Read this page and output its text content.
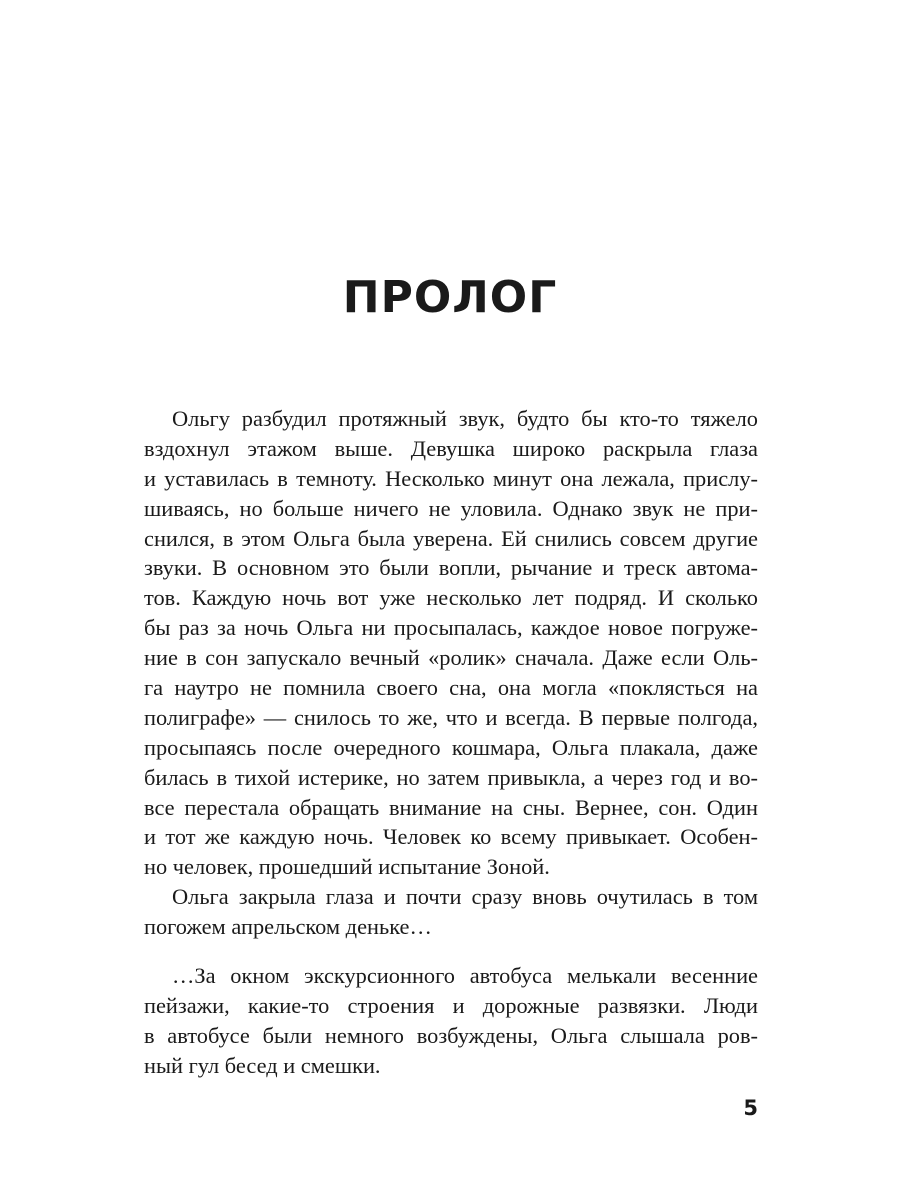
ПРОЛОГ
Ольгу разбудил протяжный звук, будто бы кто-то тяжело
вздохнул этажом выше. Девушка широко раскрыла глаза
и уставилась в темноту. Несколько минут она лежала, прислу-
шиваясь, но больше ничего не уловила. Однако звук не при-
снился, в этом Ольга была уверена. Ей снились совсем другие
звуки. В основном это были вопли, рычание и треск автома-
тов. Каждую ночь вот уже несколько лет подряд. И сколько
бы раз за ночь Ольга ни просыпалась, каждое новое погруже-
ние в сон запускало вечный «ролик» сначала. Даже если Оль-
га наутро не помнила своего сна, она могла «поклясться на
полиграфе» — снилось то же, что и всегда. В первые полгода,
просыпаясь после очередного кошмара, Ольга плакала, даже
билась в тихой истерике, но затем привыкла, а через год и во-
все перестала обращать внимание на сны. Вернее, сон. Один
и тот же каждую ночь. Человек ко всему привыкает. Особен-
но человек, прошедший испытание Зоной.
Ольга закрыла глаза и почти сразу вновь очутилась в том
погожем апрельском деньке…
…За окном экскурсионного автобуса мелькали весенние
пейзажи, какие-то строения и дорожные развязки. Люди
в автобусе были немного возбуждены, Ольга слышала ров-
ный гул бесед и смешки.
5
